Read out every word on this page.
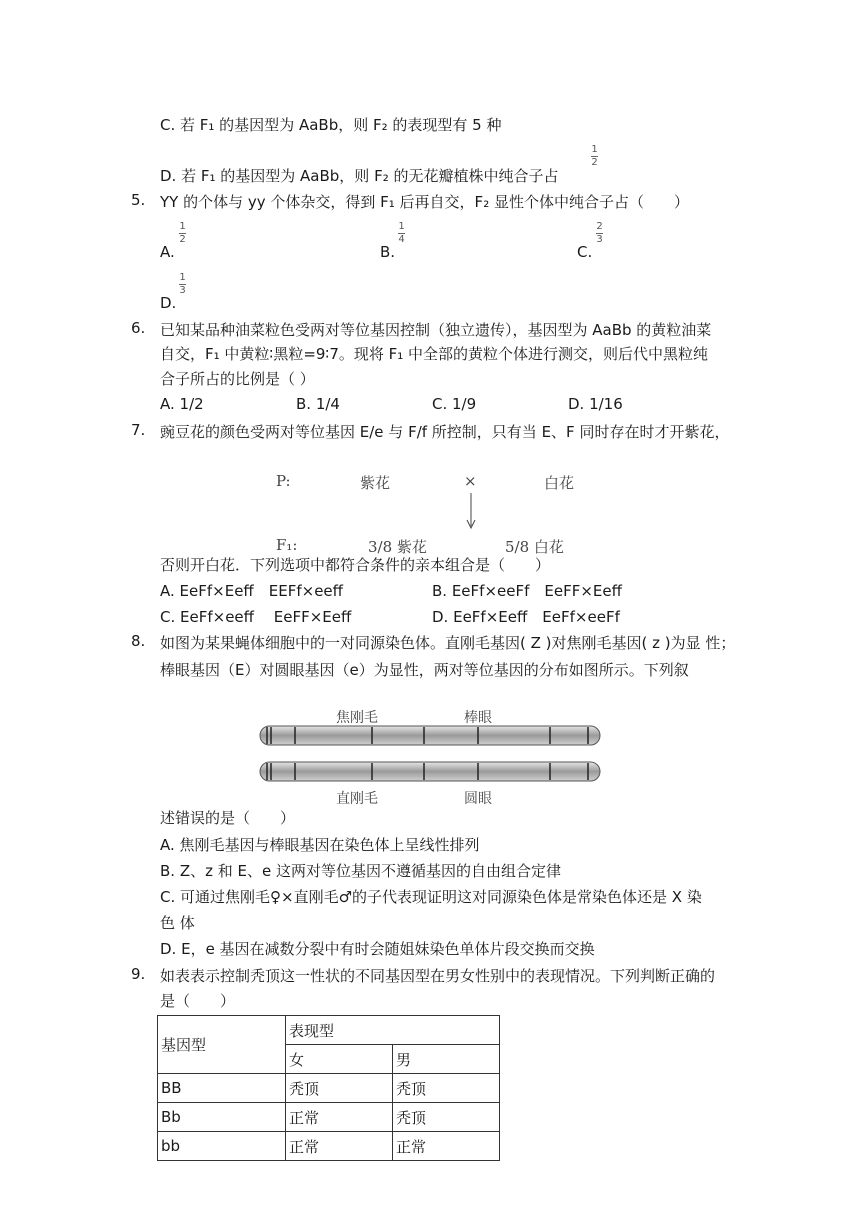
C. 若 F₁ 的基因型为 AaBb，则 F₂ 的表现型有 5 种
D. 若 F₁ 的基因型为 AaBb，则 F₂ 的无花瓣植株中纯合子占
1
2
5. YY 的个体与 yy 个体杂交，得到 F₁ 后再自交，F₂ 显性个体中纯合子占（　　）
A.
1
2
B.
1
4
C.
2
3
D.
1
3
6. 已知某品种油菜粒色受两对等位基因控制（独立遗传），基因型为 AaBb 的黄粒油菜
自交，F₁ 中黄粒∶黑粒=9∶7。现将 F₁ 中全部的黄粒个体进行测交，则后代中黑粒纯
合子所占的比例是（ ）
A. 1/2	B. 1/4	C. 1/9	D. 1/16
7. 豌豆花的颜色受两对等位基因 E/e 与 F/f 所控制，只有当 E、F 同时存在时才开紫花，
P:	紫花	×	白花
F₁:	3/8 紫花	5/8 白花
否则开白花．下列选项中都符合条件的亲本组合是（　　）
A. EeFf×Eeff　EEFf×eeff	B. EeFf×eeFf　EeFF×Eeff
C. EeFf×eeff　 EeFF×Eeff	D. EeFf×Eeff　EeFf×eeFf
8. 如图为某果蝇体细胞中的一对同源染色体。直刚毛基因( Z )对焦刚毛基因( z )为显 性；
棒眼基因（E）对圆眼基因（e）为显性，两对等位基因的分布如图所示。下列叙
焦刚毛	棒眼
直刚毛	圆眼
述错误的是（　　）
A. 焦刚毛基因与棒眼基因在染色体上呈线性排列
B. Z、z 和 E、e 这两对等位基因不遵循基因的自由组合定律
C. 可通过焦刚毛♀×直刚毛♂的子代表现证明这对同源染色体是常染色体还是 X 染
色 体
D. E，e 基因在减数分裂中有时会随姐妹染色单体片段交换而交换
9. 如表表示控制秃顶这一性状的不同基因型在男女性别中的表现情况。下列判断正确的
是（　　）
基因型	表现型	
	女	男
BB	秃顶	秃顶
Bb	正常	秃顶
bb	正常	正常
